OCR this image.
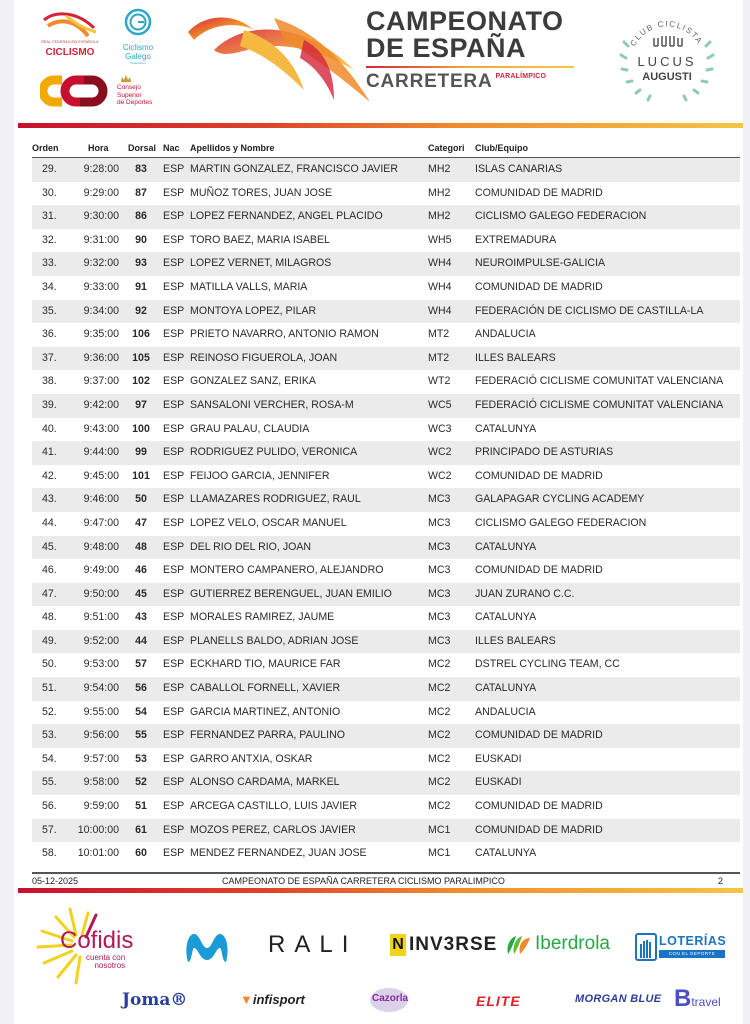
REAL FEDERACIÓN ESPAÑOLA
CICLISMO	Ciclismo
Galego
Federación
Consejo
Superior
de Deportes
CAMPEONATO
DE ESPAÑA
CARRETERA $^{PARALÍMPICO}$
CLUB CICLISTA
LUCUS
AUGUSTI
Orden	Hora Dorsal Nac Apellidos y Nombre	Categori Club/Equipo
29.	9:28:00	83	ESP MARTIN GONZALEZ, FRANCISCO JAVIER	MH2 ISLAS CANARIAS
30.	9:29:00	87	ESP MUÑOZ TORES, JUAN JOSE	MH2 COMUNIDAD DE MADRID
31.	9:30:00	86	ESP LOPEZ FERNANDEZ, ANGEL PLACIDO	MH2 CICLISMO GALEGO FEDERACION
32.	9:31:00	90	ESP TORO BAEZ, MARIA ISABEL	WH5 EXTREMADURA
33.	9:32:00	93	ESP LOPEZ VERNET, MILAGROS	WH4 NEUROIMPULSE-GALICIA
34.	9:33:00	91	ESP MATILLA VALLS, MARIA	WH4 COMUNIDAD DE MADRID
35.	9:34:00	92	ESP MONTOYA LOPEZ, PILAR	WH4 FEDERACIÓN DE CICLISMO DE CASTILLA-LA
36.	9:35:00	106	ESP PRIETO NAVARRO, ANTONIO RAMON	MT2 ANDALUCIA
37.	9:36:00	105	ESP REINOSO FIGUEROLA, JOAN	MT2 ILLES BALEARS
38.	9:37:00	102	ESP GONZALEZ SANZ, ERIKA	WT2 FEDERACIÓ CICLISME COMUNITAT VALENCIANA
39.	9:42:00	97	ESP SANSALONI VERCHER, ROSA-M	WC5 FEDERACIÓ CICLISME COMUNITAT VALENCIANA
40.	9:43:00	100	ESP GRAU PALAU, CLAUDIA	WC3 CATALUNYA
41.	9:44:00	99	ESP RODRIGUEZ PULIDO, VERONICA	WC2 PRINCIPADO DE ASTURIAS
42.	9:45:00	101	ESP FEIJOO GARCIA, JENNIFER	WC2 COMUNIDAD DE MADRID
43.	9:46:00	50	ESP LLAMAZARES RODRIGUEZ, RAUL	MC3 GALAPAGAR CYCLING ACADEMY
44.	9:47:00	47	ESP LOPEZ VELO, OSCAR MANUEL	MC3 CICLISMO GALEGO FEDERACION
45.	9:48:00	48	ESP DEL RIO DEL RIO, JOAN	MC3 CATALUNYA
46.	9:49:00	46	ESP MONTERO CAMPANERO, ALEJANDRO	MC3 COMUNIDAD DE MADRID
47.	9:50:00	45	ESP GUTIERREZ BERENGUEL, JUAN EMILIO	MC3 JUAN ZURANO C.C.
48.	9:51:00	43	ESP MORALES RAMIREZ, JAUME	MC3 CATALUNYA
49.	9:52:00	44	ESP PLANELLS BALDO, ADRIAN JOSE	MC3 ILLES BALEARS
50.	9:53:00	57	ESP ECKHARD TIO, MAURICE FAR	MC2 DSTREL CYCLING TEAM, CC
51.	9:54:00	56	ESP CABALLOL FORNELL, XAVIER	MC2 CATALUNYA
52.	9:55:00	54	ESP GARCIA MARTINEZ, ANTONIO	MC2 ANDALUCIA
53.	9:56:00	55	ESP FERNANDEZ PARRA, PAULINO	MC2 COMUNIDAD DE MADRID
54.	9:57:00	53	ESP GARRO ANTXIA, OSKAR	MC2 EUSKADI
55.	9:58:00	52	ESP ALONSO CARDAMA, MARKEL	MC2 EUSKADI
56.	9:59:00	51	ESP ARCEGA CASTILLO, LUIS JAVIER	MC2 COMUNIDAD DE MADRID
57.	10:00:00	61	ESP MOZOS PEREZ, CARLOS JAVIER	MC1 COMUNIDAD DE MADRID
58.	10:01:00	60	ESP MENDEZ FERNANDEZ, JUAN JOSE	MC1 CATALUNYA
05-12-2025	CAMPEONATO DE ESPAÑA CARRETERA CICLISMO PARALIMPICO	2
Cofidis
cuenta con
nosotros
RALI N INV3RSE	Iberdrola	LOTERÍAS
CON EL DEPORTE
Joma®	▼infisport	Cazorla	ELITE	MORGAN BLUE Btravel
